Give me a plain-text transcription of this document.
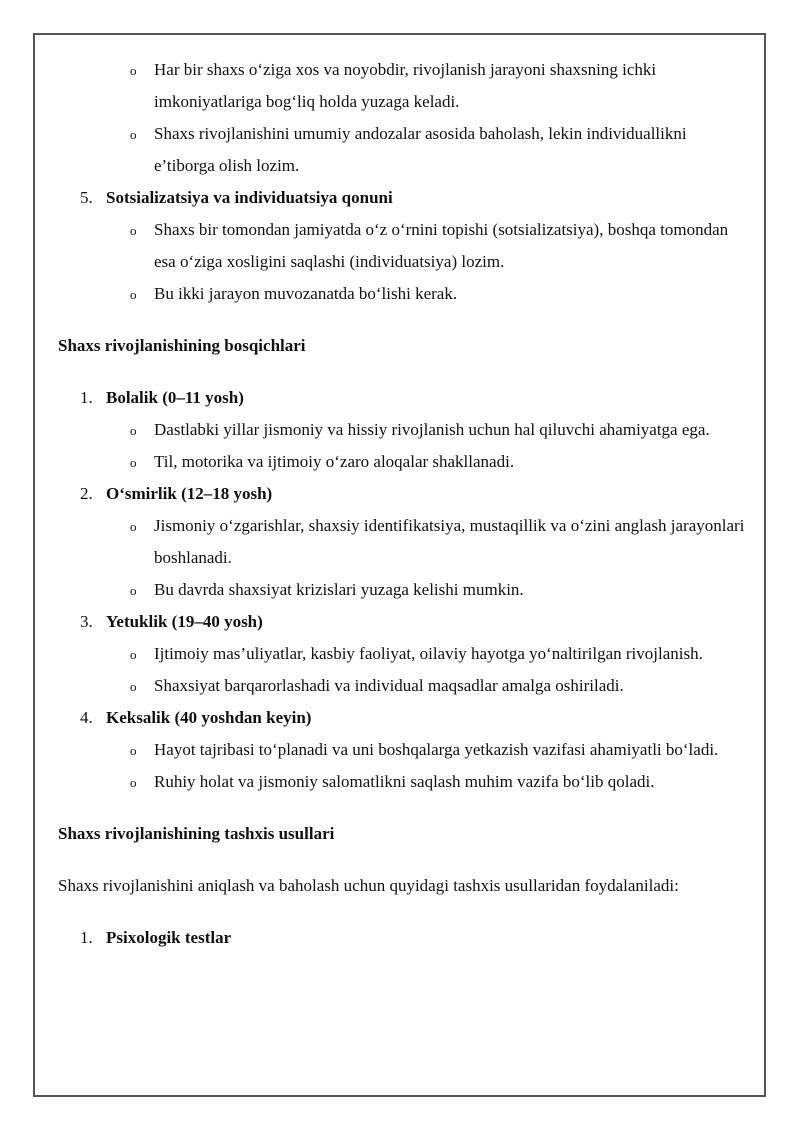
o Har bir shaxs o‘ziga xos va noyobdir, rivojlanish jarayoni shaxsning ichki imkoniyatlariga bog‘liq holda yuzaga keladi.
o Shaxs rivojlanishini umumiy andozalar asosida baholash, lekin individuallikni e’tiborga olish lozim.
5. Sotsializatsiya va individuatsiya qonuni
o Shaxs bir tomondan jamiyatda o‘z o‘rnini topishi (sotsializatsiya), boshqa tomondan esa o‘ziga xosligini saqlashi (individuatsiya) lozim.
o Bu ikki jarayon muvozanatda bo‘lishi kerak.
Shaxs rivojlanishining bosqichlari
1. Bolalik (0–11 yosh)
o Dastlabki yillar jismoniy va hissiy rivojlanish uchun hal qiluvchi ahamiyatga ega.
o Til, motorika va ijtimoiy o‘zaro aloqalar shakllanadi.
2. O‘smirlik (12–18 yosh)
o Jismoniy o‘zgarishlar, shaxsiy identifikatsiya, mustaqillik va o‘zini anglash jarayonlari boshlanadi.
o Bu davrda shaxsiyat krizislari yuzaga kelishi mumkin.
3. Yetuklik (19–40 yosh)
o Ijtimoiy mas’uliyatlar, kasbiy faoliyat, oilaviy hayotga yo‘naltirilgan rivojlanish.
o Shaxsiyat barqarorlashadi va individual maqsadlar amalga oshiriladi.
4. Keksalik (40 yoshdan keyin)
o Hayot tajribasi to‘planadi va uni boshqalarga yetkazish vazifasi ahamiyatli bo‘ladi.
o Ruhiy holat va jismoniy salomatlikni saqlash muhim vazifa bo‘lib qoladi.
Shaxs rivojlanishining tashxis usullari
Shaxs rivojlanishini aniqlash va baholash uchun quyidagi tashxis usullaridan foydalaniladi:
1. Psixologik testlar
